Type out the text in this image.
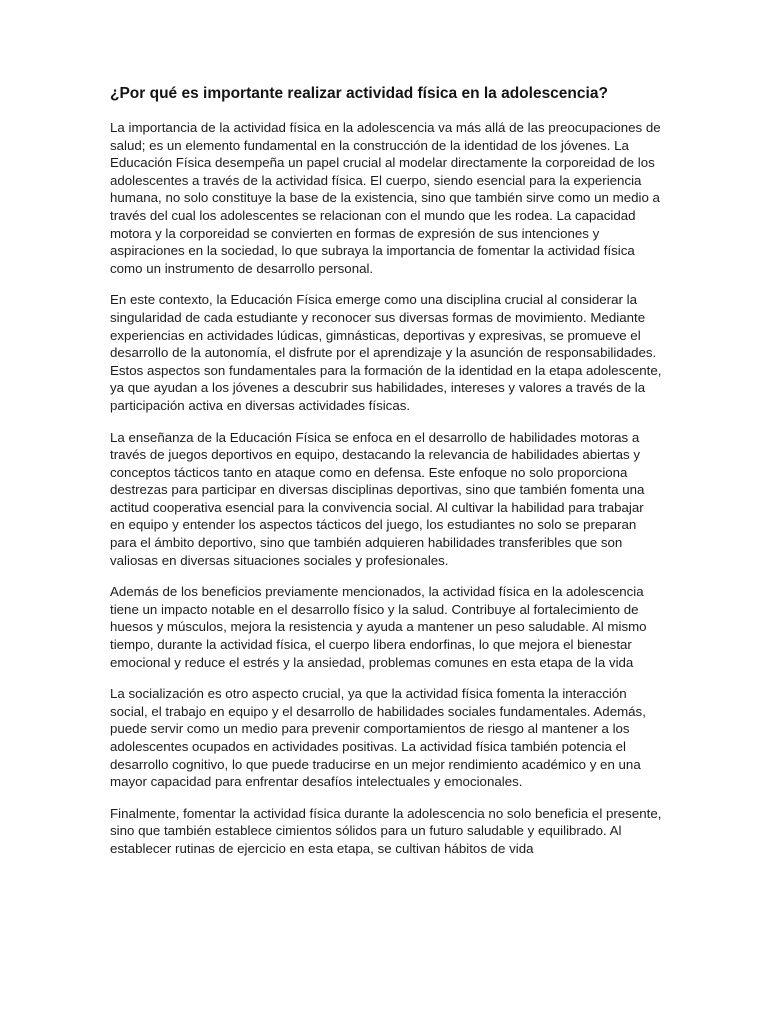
¿Por qué es importante realizar actividad física en la adolescencia?

La importancia de la actividad física en la adolescencia va más allá de las preocupaciones de salud; es un elemento fundamental en la construcción de la identidad de los jóvenes. La Educación Física desempeña un papel crucial al modelar directamente la corporeidad de los adolescentes a través de la actividad física. El cuerpo, siendo esencial para la experiencia humana, no solo constituye la base de la existencia, sino que también sirve como un medio a través del cual los adolescentes se relacionan con el mundo que les rodea. La capacidad motora y la corporeidad se convierten en formas de expresión de sus intenciones y aspiraciones en la sociedad, lo que subraya la importancia de fomentar la actividad física como un instrumento de desarrollo personal.

En este contexto, la Educación Física emerge como una disciplina crucial al considerar la singularidad de cada estudiante y reconocer sus diversas formas de movimiento. Mediante experiencias en actividades lúdicas, gimnásticas, deportivas y expresivas, se promueve el desarrollo de la autonomía, el disfrute por el aprendizaje y la asunción de responsabilidades. Estos aspectos son fundamentales para la formación de la identidad en la etapa adolescente, ya que ayudan a los jóvenes a descubrir sus habilidades, intereses y valores a través de la participación activa en diversas actividades físicas.

La enseñanza de la Educación Física se enfoca en el desarrollo de habilidades motoras a través de juegos deportivos en equipo, destacando la relevancia de habilidades abiertas y conceptos tácticos tanto en ataque como en defensa. Este enfoque no solo proporciona destrezas para participar en diversas disciplinas deportivas, sino que también fomenta una actitud cooperativa esencial para la convivencia social. Al cultivar la habilidad para trabajar en equipo y entender los aspectos tácticos del juego, los estudiantes no solo se preparan para el ámbito deportivo, sino que también adquieren habilidades transferibles que son valiosas en diversas situaciones sociales y profesionales.

Además de los beneficios previamente mencionados, la actividad física en la adolescencia tiene un impacto notable en el desarrollo físico y la salud. Contribuye al fortalecimiento de huesos y músculos, mejora la resistencia y ayuda a mantener un peso saludable. Al mismo tiempo, durante la actividad física, el cuerpo libera endorfinas, lo que mejora el bienestar emocional y reduce el estrés y la ansiedad, problemas comunes en esta etapa de la vida

La socialización es otro aspecto crucial, ya que la actividad física fomenta la interacción social, el trabajo en equipo y el desarrollo de habilidades sociales fundamentales. Además, puede servir como un medio para prevenir comportamientos de riesgo al mantener a los adolescentes ocupados en actividades positivas. La actividad física también potencia el desarrollo cognitivo, lo que puede traducirse en un mejor rendimiento académico y en una mayor capacidad para enfrentar desafíos intelectuales y emocionales.

Finalmente, fomentar la actividad física durante la adolescencia no solo beneficia el presente, sino que también establece cimientos sólidos para un futuro saludable y equilibrado. Al establecer rutinas de ejercicio en esta etapa, se cultivan hábitos de vida
